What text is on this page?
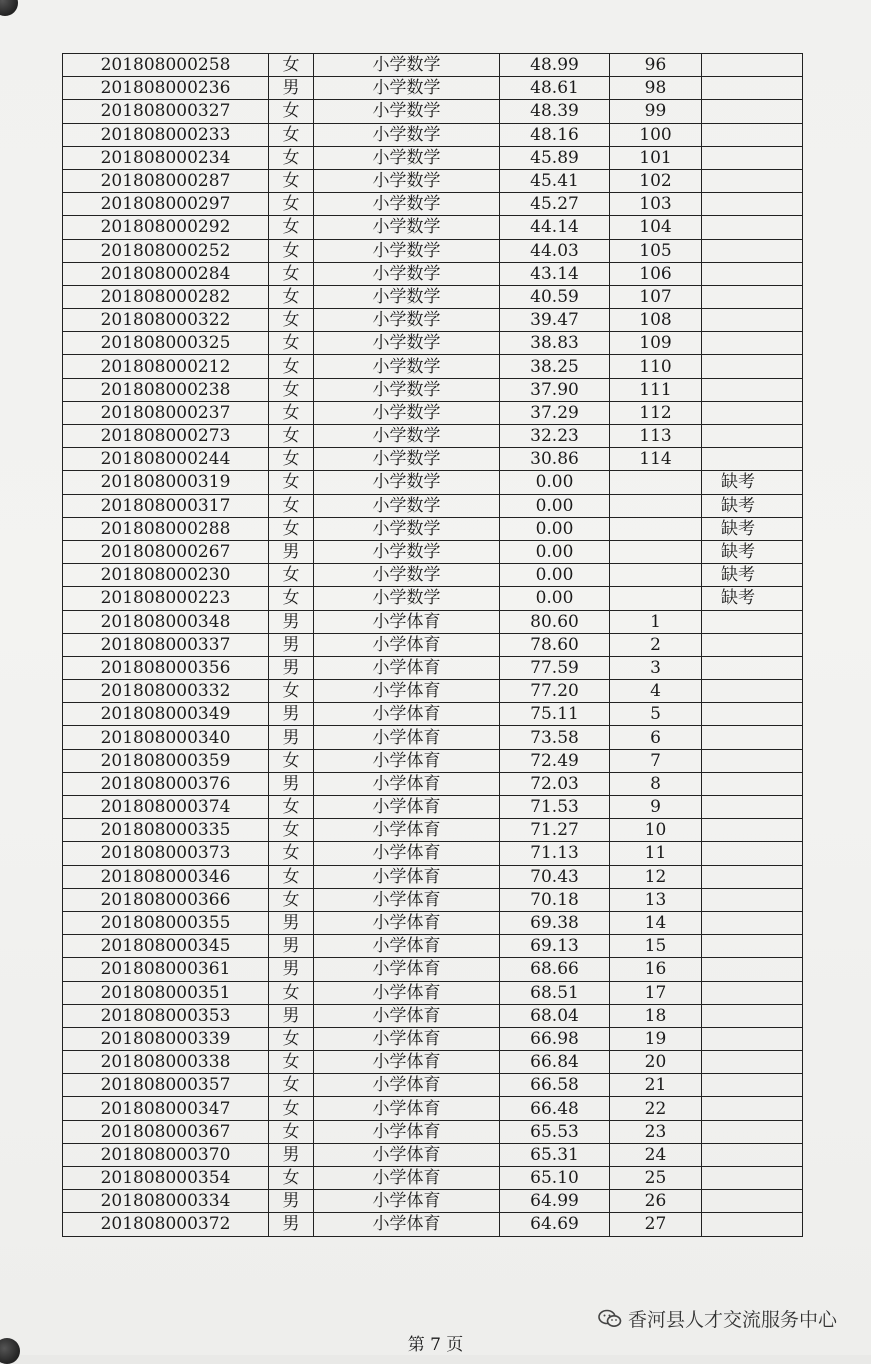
201808000258	女	小学数学	48.99	96	
201808000236	男	小学数学	48.61	98	
201808000327	女	小学数学	48.39	99	
201808000233	女	小学数学	48.16	100	
201808000234	女	小学数学	45.89	101	
201808000287	女	小学数学	45.41	102	
201808000297	女	小学数学	45.27	103	
201808000292	女	小学数学	44.14	104	
201808000252	女	小学数学	44.03	105	
201808000284	女	小学数学	43.14	106	
201808000282	女	小学数学	40.59	107	
201808000322	女	小学数学	39.47	108	
201808000325	女	小学数学	38.83	109	
201808000212	女	小学数学	38.25	110	
201808000238	女	小学数学	37.90	111	
201808000237	女	小学数学	37.29	112	
201808000273	女	小学数学	32.23	113	
201808000244	女	小学数学	30.86	114	
201808000319	女	小学数学	0.00		缺考
201808000317	女	小学数学	0.00		缺考
201808000288	女	小学数学	0.00		缺考
201808000267	男	小学数学	0.00		缺考
201808000230	女	小学数学	0.00		缺考
201808000223	女	小学数学	0.00		缺考
201808000348	男	小学体育	80.60	1	
201808000337	男	小学体育	78.60	2	
201808000356	男	小学体育	77.59	3	
201808000332	女	小学体育	77.20	4	
201808000349	男	小学体育	75.11	5	
201808000340	男	小学体育	73.58	6	
201808000359	女	小学体育	72.49	7	
201808000376	男	小学体育	72.03	8	
201808000374	女	小学体育	71.53	9	
201808000335	女	小学体育	71.27	10	
201808000373	女	小学体育	71.13	11	
201808000346	女	小学体育	70.43	12	
201808000366	女	小学体育	70.18	13	
201808000355	男	小学体育	69.38	14	
201808000345	男	小学体育	69.13	15	
201808000361	男	小学体育	68.66	16	
201808000351	女	小学体育	68.51	17	
201808000353	男	小学体育	68.04	18	
201808000339	女	小学体育	66.98	19	
201808000338	女	小学体育	66.84	20	
201808000357	女	小学体育	66.58	21	
201808000347	女	小学体育	66.48	22	
201808000367	女	小学体育	65.53	23	
201808000370	男	小学体育	65.31	24	
201808000354	女	小学体育	65.10	25	
201808000334	男	小学体育	64.99	26	
201808000372	男	小学体育	64.69	27	
香河县人才交流服务中心
第 7 页
